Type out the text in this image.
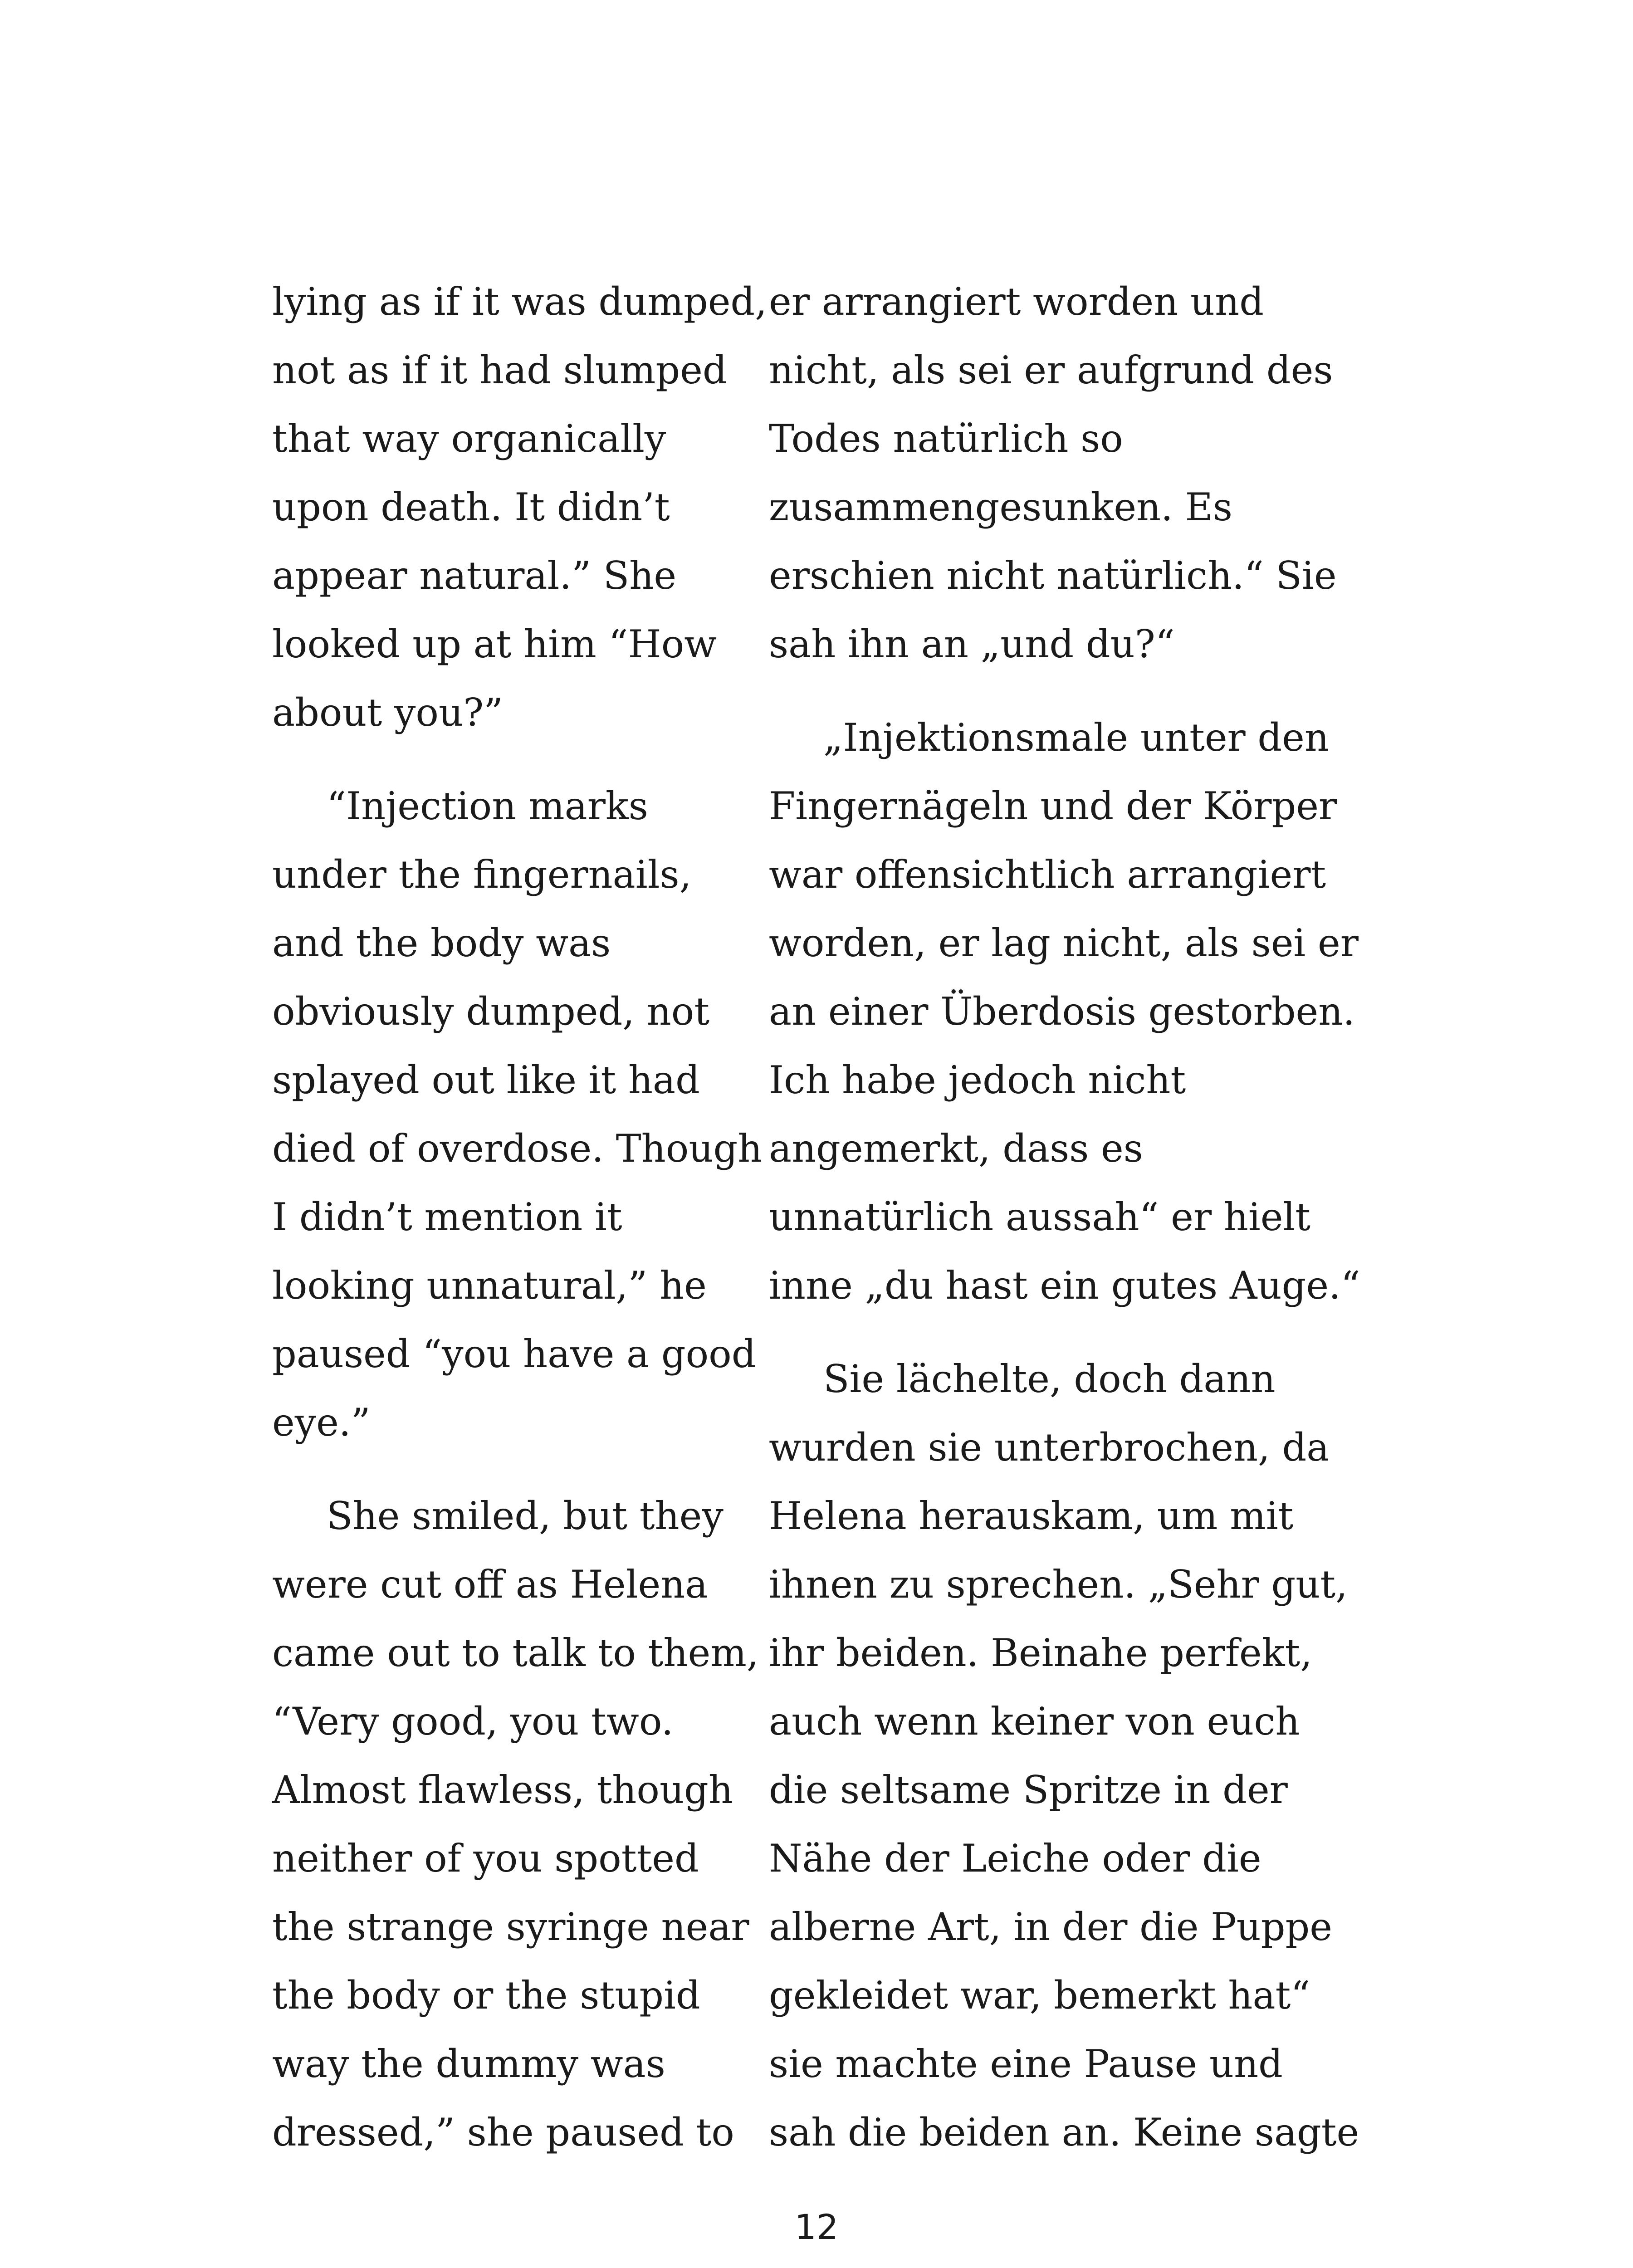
lying as if it was dumped,
not as if it had slumped
that way organically
upon death. It didn’t
appear natural.” She
looked up at him “How
about you?”
“Injection marks
under the fingernails,
and the body was
obviously dumped, not
splayed out like it had
died of overdose. Though
I didn’t mention it
looking unnatural,” he
paused “you have a good
eye.”
She smiled, but they
were cut off as Helena
came out to talk to them,
“Very good, you two.
Almost flawless, though
neither of you spotted
the strange syringe near
the body or the stupid
way the dummy was
dressed,” she paused to
er arrangiert worden und
nicht, als sei er aufgrund des
Todes natürlich so
zusammengesunken. Es
erschien nicht natürlich.“ Sie
sah ihn an „und du?“
„Injektionsmale unter den
Fingernägeln und der Körper
war offensichtlich arrangiert
worden, er lag nicht, als sei er
an einer Überdosis gestorben.
Ich habe jedoch nicht
angemerkt, dass es
unnatürlich aussah“ er hielt
inne „du hast ein gutes Auge.“
Sie lächelte, doch dann
wurden sie unterbrochen, da
Helena herauskam, um mit
ihnen zu sprechen. „Sehr gut,
ihr beiden. Beinahe perfekt,
auch wenn keiner von euch
die seltsame Spritze in der
Nähe der Leiche oder die
alberne Art, in der die Puppe
gekleidet war, bemerkt hat“
sie machte eine Pause und
sah die beiden an. Keine sagte
12
